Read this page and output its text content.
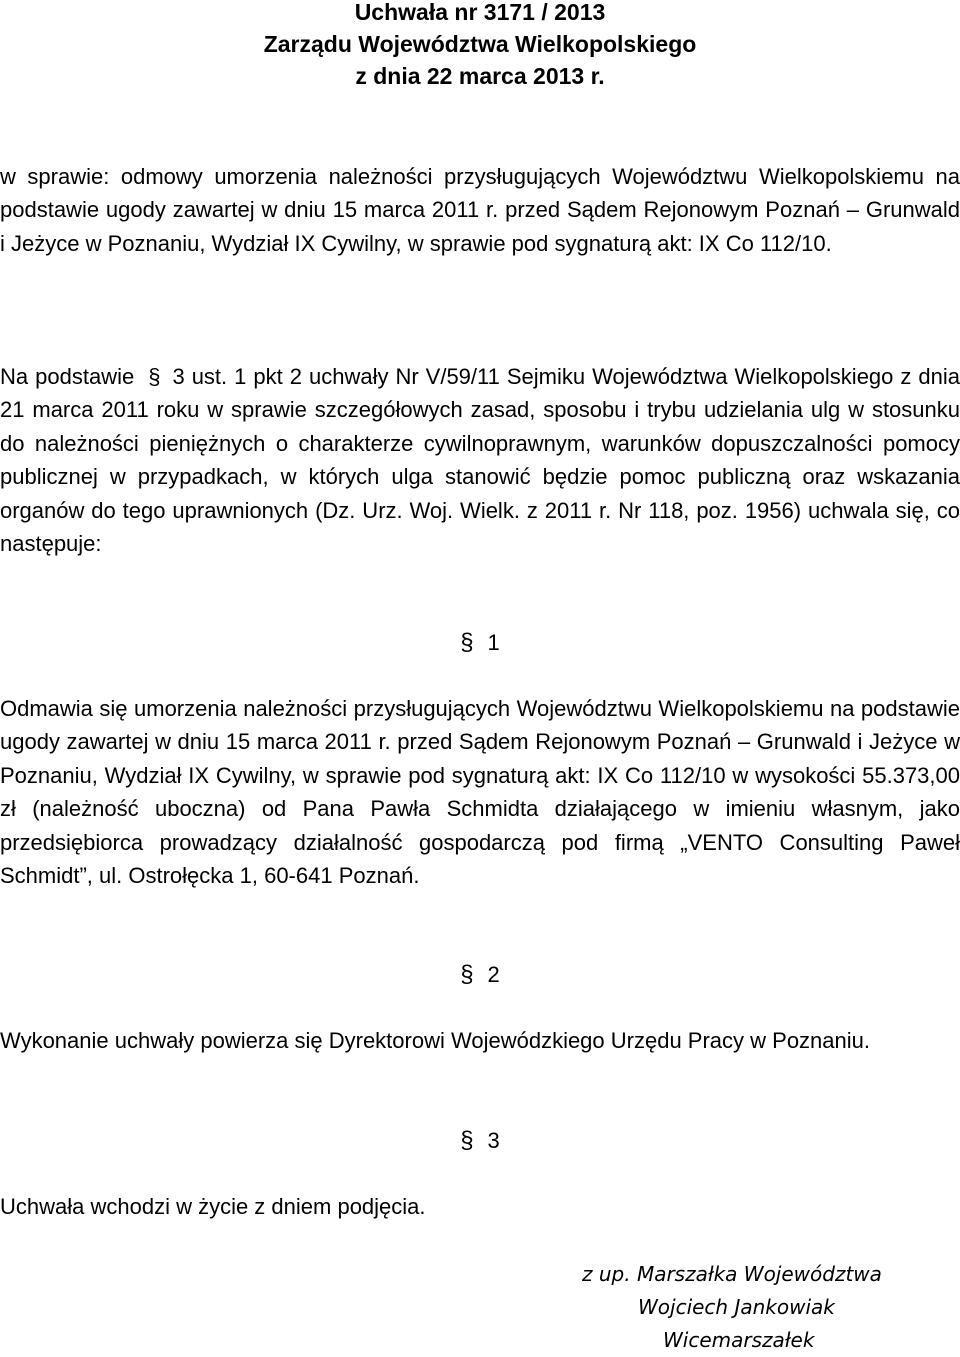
Uchwała nr 3171 / 2013
Zarządu Województwa Wielkopolskiego
z dnia 22 marca 2013 r.
w sprawie: odmowy umorzenia należności przysługujących Województwu Wielkopolskiemu na podstawie ugody zawartej w dniu 15 marca 2011 r. przed Sądem Rejonowym Poznań – Grunwald i Jeżyce w Poznaniu, Wydział IX Cywilny, w sprawie pod sygnaturą akt: IX Co 112/10.
Na podstawie § 3 ust. 1 pkt 2 uchwały Nr V/59/11 Sejmiku Województwa Wielkopolskiego z dnia 21 marca 2011 roku w sprawie szczegółowych zasad, sposobu i trybu udzielania ulg w stosunku do należności pieniężnych o charakterze cywilnoprawnym, warunków dopuszczalności pomocy publicznej w przypadkach, w których ulga stanowić będzie pomoc publiczną oraz wskazania organów do tego uprawnionych (Dz. Urz. Woj. Wielk. z 2011 r. Nr 118, poz. 1956) uchwala się, co następuje:
§ 1
Odmawia się umorzenia należności przysługujących Województwu Wielkopolskiemu na podstawie ugody zawartej w dniu 15 marca 2011 r. przed Sądem Rejonowym Poznań – Grunwald i Jeżyce w Poznaniu, Wydział IX Cywilny, w sprawie pod sygnaturą akt: IX Co 112/10 w wysokości 55.373,00 zł (należność uboczna) od Pana Pawła Schmidta działającego w imieniu własnym, jako przedsiębiorca prowadzący działalność gospodarczą pod firmą „VENTO Consulting Paweł Schmidt”, ul. Ostrołęcka 1, 60-641 Poznań.
§ 2
Wykonanie uchwały powierza się Dyrektorowi Wojewódzkiego Urzędu Pracy w Poznaniu.
§ 3
Uchwała wchodzi w życie z dniem podjęcia.
z up. Marszałka Województwa
Wojciech Jankowiak
Wicemarszałek
